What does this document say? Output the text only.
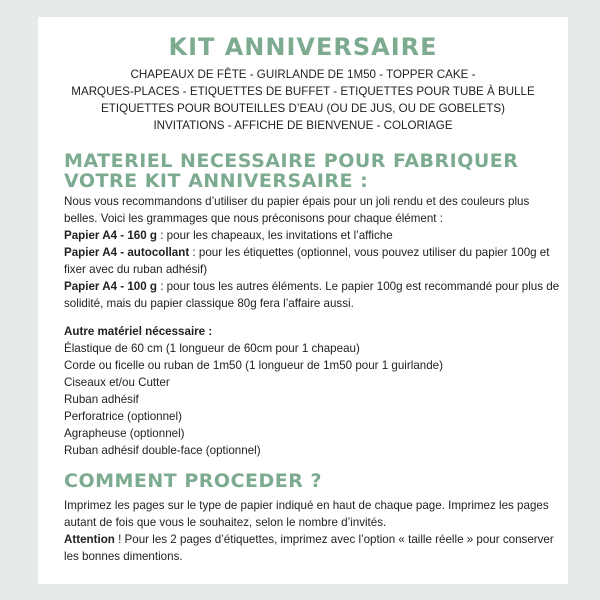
KIT ANNIVERSAIRE
CHAPEAUX DE FÊTE - GUIRLANDE DE 1M50 - TOPPER CAKE -
MARQUES-PLACES - ETIQUETTES DE BUFFET - ETIQUETTES POUR TUBE À BULLE
ETIQUETTES POUR BOUTEILLES D’EAU (OU DE JUS, OU DE GOBELETS)
INVITATIONS - AFFICHE DE BIENVENUE - COLORIAGE
MATERIEL NECESSAIRE POUR FABRIQUER
VOTRE KIT ANNIVERSAIRE :

Nous vous recommandons d’utiliser du papier épais pour un joli rendu et des couleurs plus belles. Voici les grammages que nous préconisons pour chaque élément :

Papier A4 - 160 g : pour les chapeaux, les invitations et l’affiche

Papier A4 - autocollant : pour les étiquettes (optionnel, vous pouvez utiliser du papier 100g et fixer avec du ruban adhésif)

Papier A4 - 100 g : pour tous les autres éléments. Le papier 100g est recommandé pour plus de solidité, mais du papier classique 80g fera l’affaire aussi.

Autre matériel nécessaire :

Élastique de 60 cm (1 longueur de 60cm pour 1 chapeau)

Corde ou ficelle ou ruban de 1m50 (1 longueur de 1m50 pour 1 guirlande)

Ciseaux et/ou Cutter

Ruban adhésif

Perforatrice (optionnel)

Agrapheuse (optionnel)

Ruban adhésif double-face (optionnel)

COMMENT PROCEDER ?

Imprimez les pages sur le type de papier indiqué en haut de chaque page. Imprimez les pages autant de fois que vous le souhaitez, selon le nombre d’invités.

Attention ! Pour les 2 pages d’étiquettes, imprimez avec l’option « taille réelle » pour conserver les bonnes dimentions.
